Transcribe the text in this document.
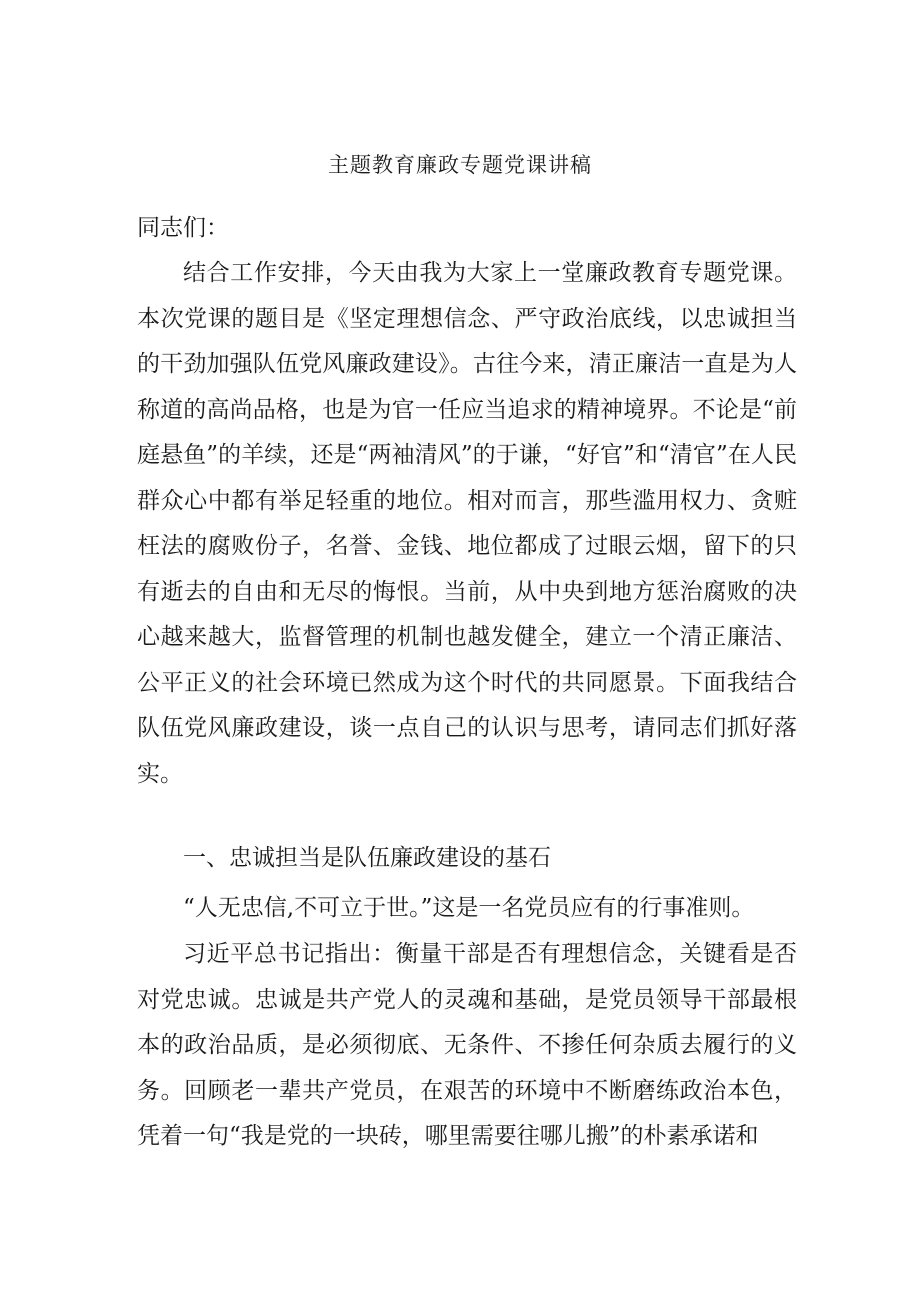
主题教育廉政专题党课讲稿
同志们：

结合工作安排，今天由我为大家上一堂廉政教育专题党课。本次党课的题目是《坚定理想信念、严守政治底线，以忠诚担当的干劲加强队伍党风廉政建设》。古往今来，清正廉洁一直是为人称道的高尚品格，也是为官一任应当追求的精神境界。不论是“前庭悬鱼”的羊续，还是“两袖清风”的于谦，“好官”和“清官”在人民群众心中都有举足轻重的地位。相对而言，那些滥用权力、贪赃枉法的腐败份子，名誉、金钱、地位都成了过眼云烟，留下的只有逝去的自由和无尽的悔恨。当前，从中央到地方惩治腐败的决心越来越大，监督管理的机制也越发健全，建立一个清正廉洁、公平正义的社会环境已然成为这个时代的共同愿景。下面我结合队伍党风廉政建设，谈一点自己的认识与思考，请同志们抓好落实。

一、忠诚担当是队伍廉政建设的基石

“人无忠信,不可立于世。”这是一名党员应有的行事准则。

习近平总书记指出：衡量干部是否有理想信念，关键看是否对党忠诚。忠诚是共产党人的灵魂和基础，是党员领导干部最根本的政治品质，是必须彻底、无条件、不掺任何杂质去履行的义务。回顾老一辈共产党员，在艰苦的环境中不断磨练政治本色，凭着一句“我是党的一块砖，哪里需要往哪儿搬”的朴素承诺和
